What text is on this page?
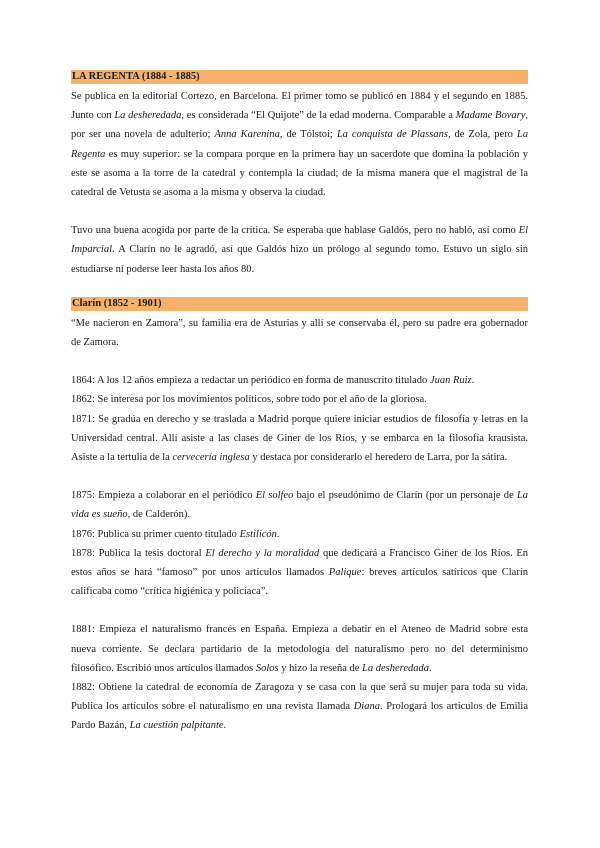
LA REGENTA (1884 - 1885)

Se publica en la editorial Cortezo, en Barcelona. El primer tomo se publicó en 1884 y el segundo en 1885. Junto con La desheredada, es considerada “El Quijote” de la edad moderna. Comparable a Madame Bovary, por ser una novela de adulterio; Anna Karenina, de Tólstoi; La conquista de Plassans, de Zola, pero La Regenta es muy superior: se la compara porque en la primera hay un sacerdote que domina la población y este se asoma a la torre de la catedral y contempla la ciudad; de la misma manera que el magistral de la catedral de Vetusta se asoma a la misma y observa la ciudad.

Tuvo una buena acogida por parte de la crítica. Se esperaba que hablase Galdós, pero no habló, así como El Imparcial. A Clarín no le agradó, así que Galdós hizo un prólogo al segundo tomo. Estuvo un siglo sin estudiarse ni poderse leer hasta los años 80.

Clarín (1852 - 1901)

“Me nacieron en Zamora”, su familia era de Asturias y allí se conservaba él, pero su padre era gobernador de Zamora.

1864: A los 12 años empieza a redactar un periódico en forma de manuscrito titulado Juan Ruiz.

1862: Se interesa por los movimientos políticos, sobre todo por el año de la gloriosa.

1871: Se gradúa en derecho y se traslada a Madrid porque quiere iniciar estudios de filosofía y letras en la Universidad central. Allí asiste a las clases de Giner de los Ríos, y se embarca en la filosofía krausista. Asiste a la tertulia de la cervecería inglesa y destaca por considerarlo el heredero de Larra, por la sátira.

1875: Empieza a colaborar en el periódico El solfeo bajo el pseudónimo de Clarín (por un personaje de La vida es sueño, de Calderón).

1876: Publica su primer cuento titulado Estilicón.

1878: Publica la tesis doctoral El derecho y la moralidad que dedicará a Francisco Giner de los Ríos. En estos años se hará “famoso” por unos artículos llamados Palique: breves artículos satíricos que Clarín calificaba como “crítica higiénica y policíaca”.

1881: Empieza el naturalismo francés en España. Empieza a debatir en el Ateneo de Madrid sobre esta nueva corriente. Se declara partidario de la metodología del naturalismo pero no del determinismo filosófico. Escribió unos artículos llamados Solos y hizo la reseña de La desheredada.

1882: Obtiene la catedral de economía de Zaragoza y se casa con la que será su mujer para toda su vida. Publica los artículos sobre el naturalismo en una revista llamada Diana. Prologará los artículos de Emilia Pardo Bazán, La cuestión palpitante.
